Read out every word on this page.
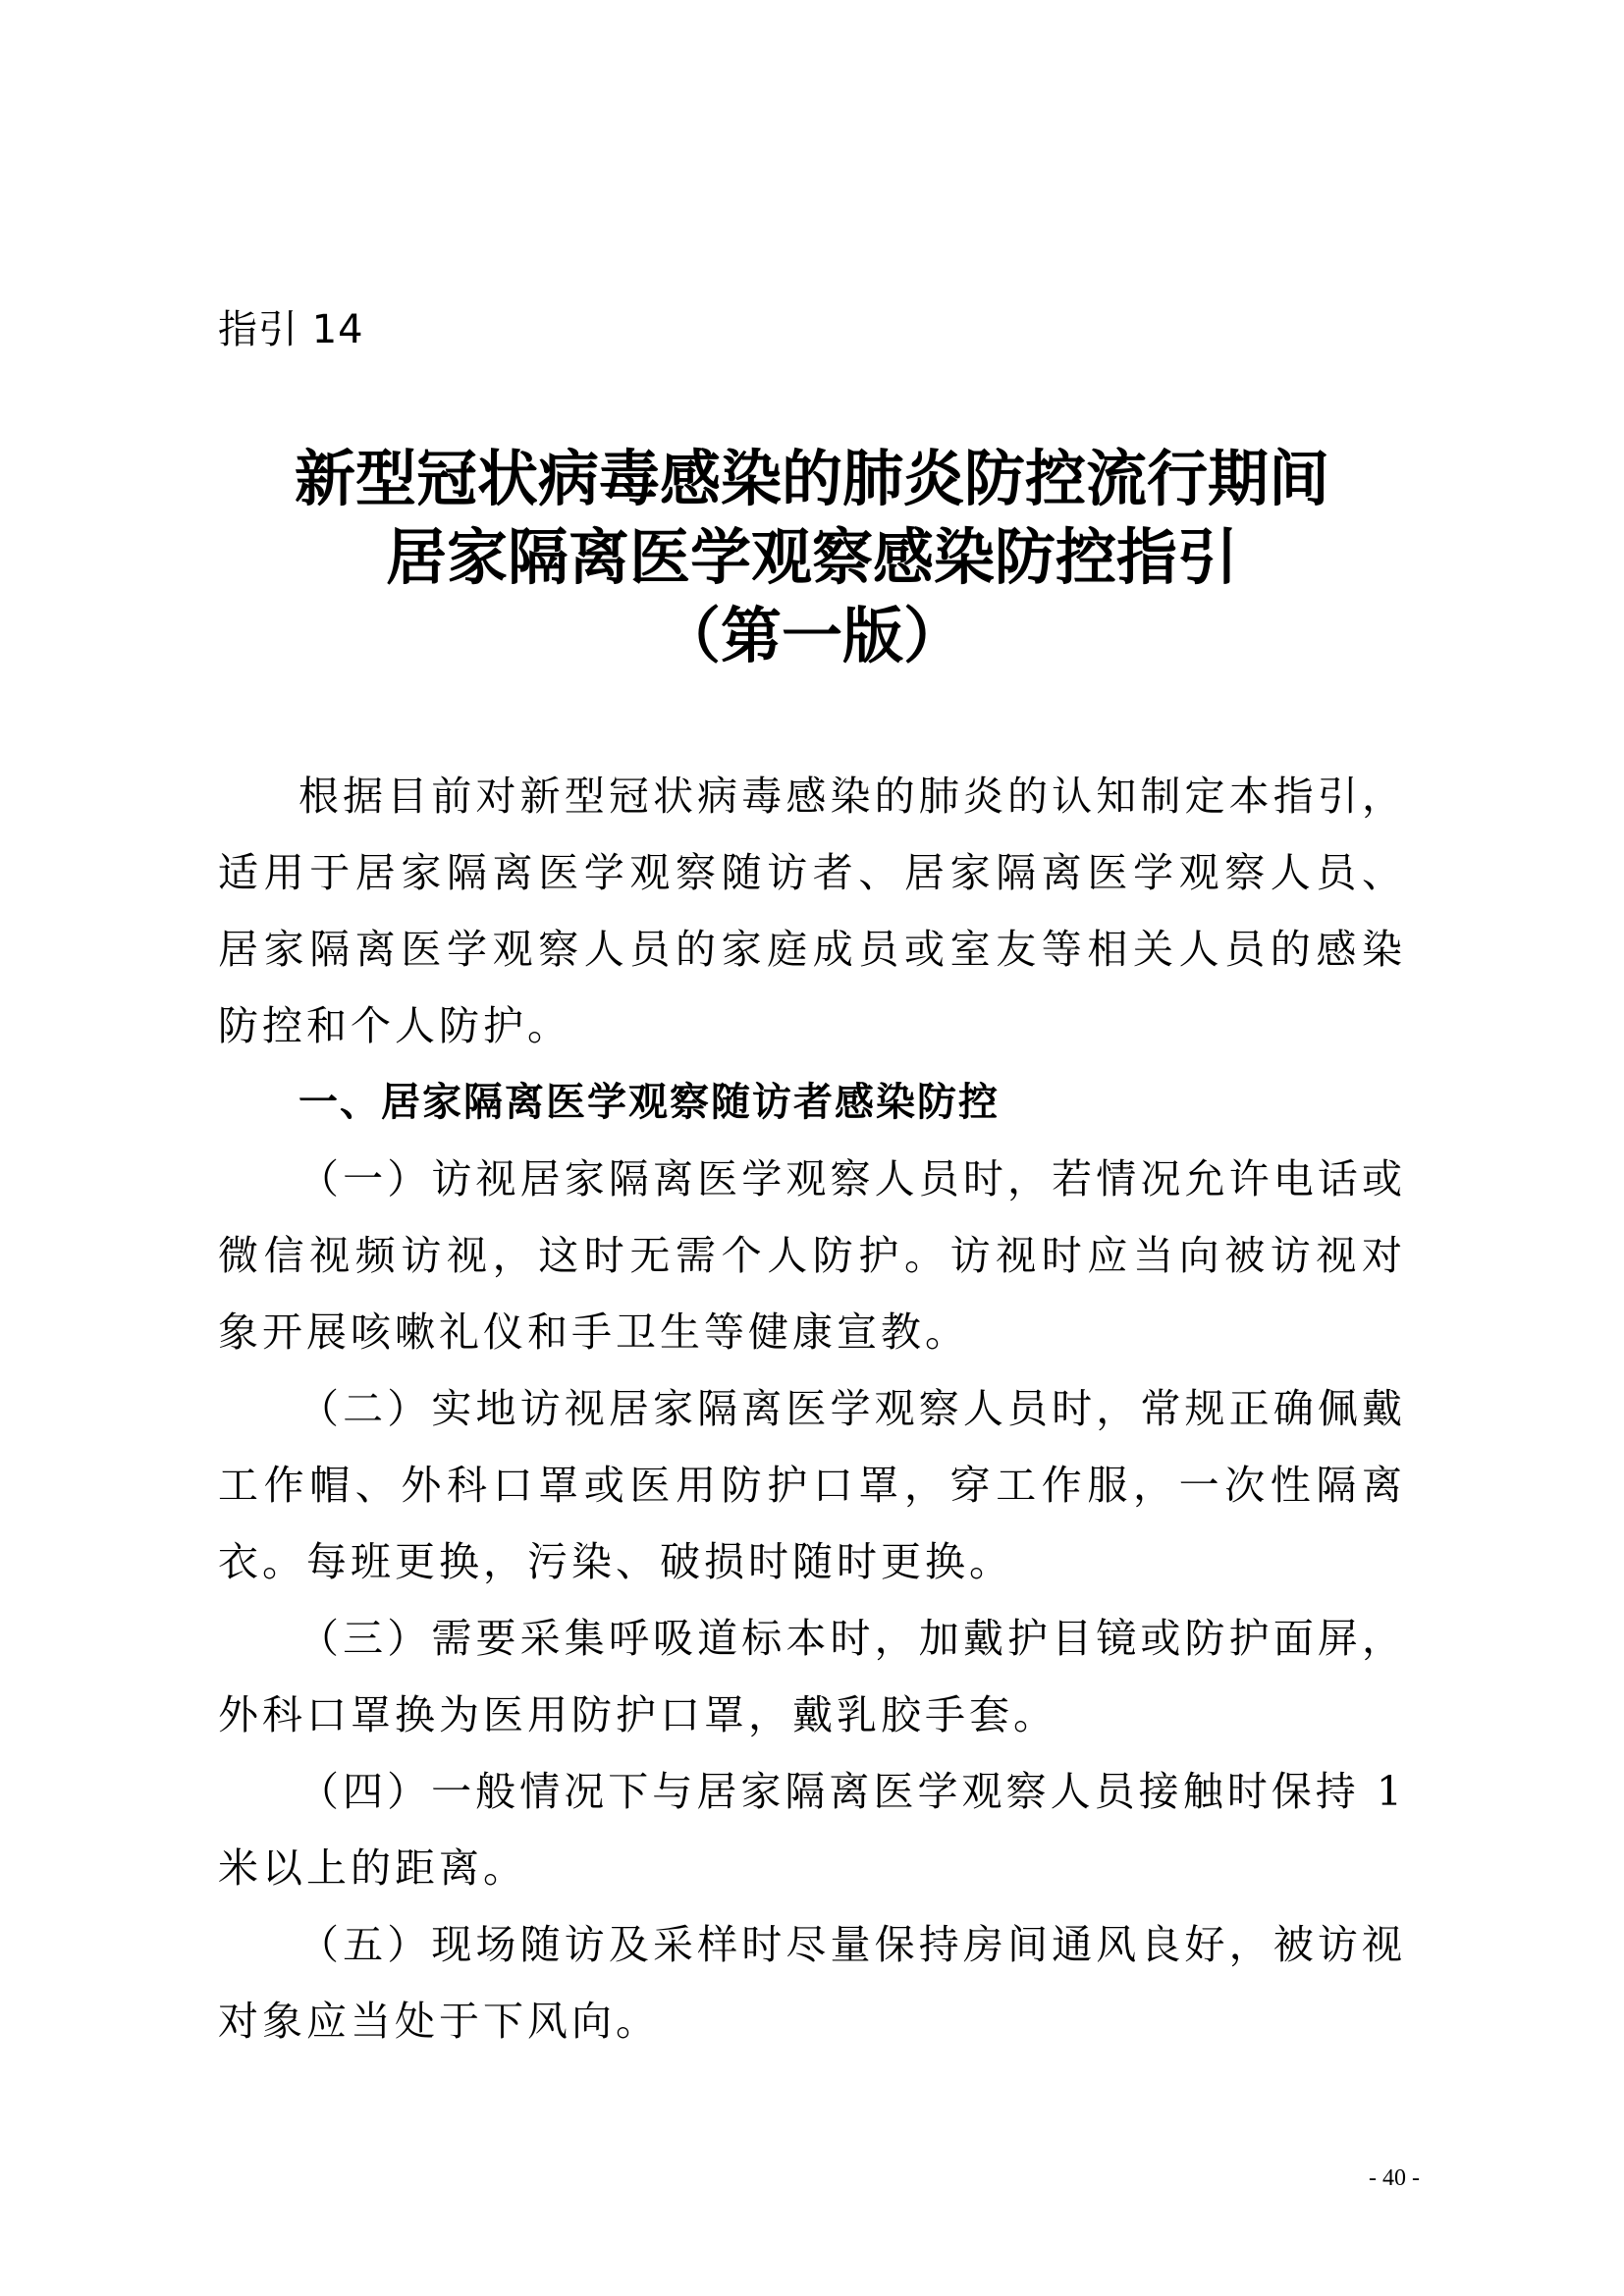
指引 14
新型冠状病毒感染的肺炎防控流行期间
居家隔离医学观察感染防控指引
（第一版）

根据目前对新型冠状病毒感染的肺炎的认知制定本指引，适用于居家隔离医学观察随访者、居家隔离医学观察人员、居家隔离医学观察人员的家庭成员或室友等相关人员的感染防控和个人防护。

一、居家隔离医学观察随访者感染防控

（一）访视居家隔离医学观察人员时，若情况允许电话或微信视频访视，这时无需个人防护。访视时应当向被访视对象开展咳嗽礼仪和手卫生等健康宣教。

（二）实地访视居家隔离医学观察人员时，常规正确佩戴工作帽、外科口罩或医用防护口罩，穿工作服，一次性隔离衣。每班更换，污染、破损时随时更换。

（三）需要采集呼吸道标本时，加戴护目镜或防护面屏，外科口罩换为医用防护口罩，戴乳胶手套。

（四）一般情况下与居家隔离医学观察人员接触时保持 1 米以上的距离。

（五）现场随访及采样时尽量保持房间通风良好，被访视对象应当处于下风向。

- 40 -
